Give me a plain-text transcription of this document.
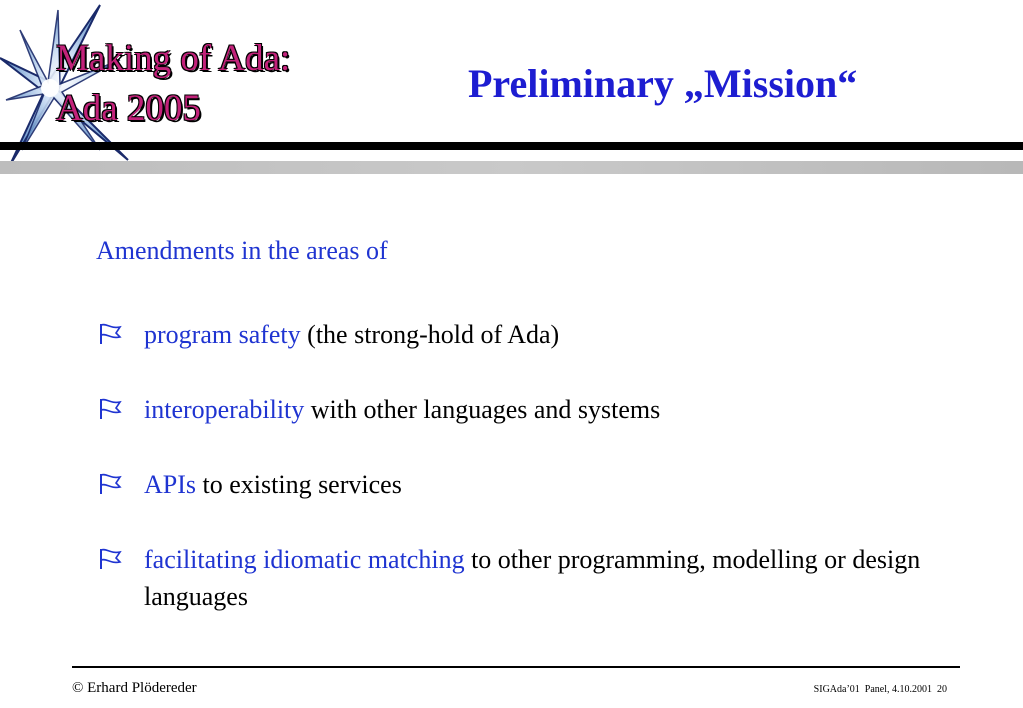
Making of Ada:
Ada 2005
Preliminary „Mission“
Amendments in the areas of
program safety (the strong-hold of Ada)
interoperability with other languages and systems
APIs to existing services
facilitating idiomatic matching to other programming, modelling or design languages
© Erhard Plödereder	SIGAda’01  Panel, 4.10.2001  20
